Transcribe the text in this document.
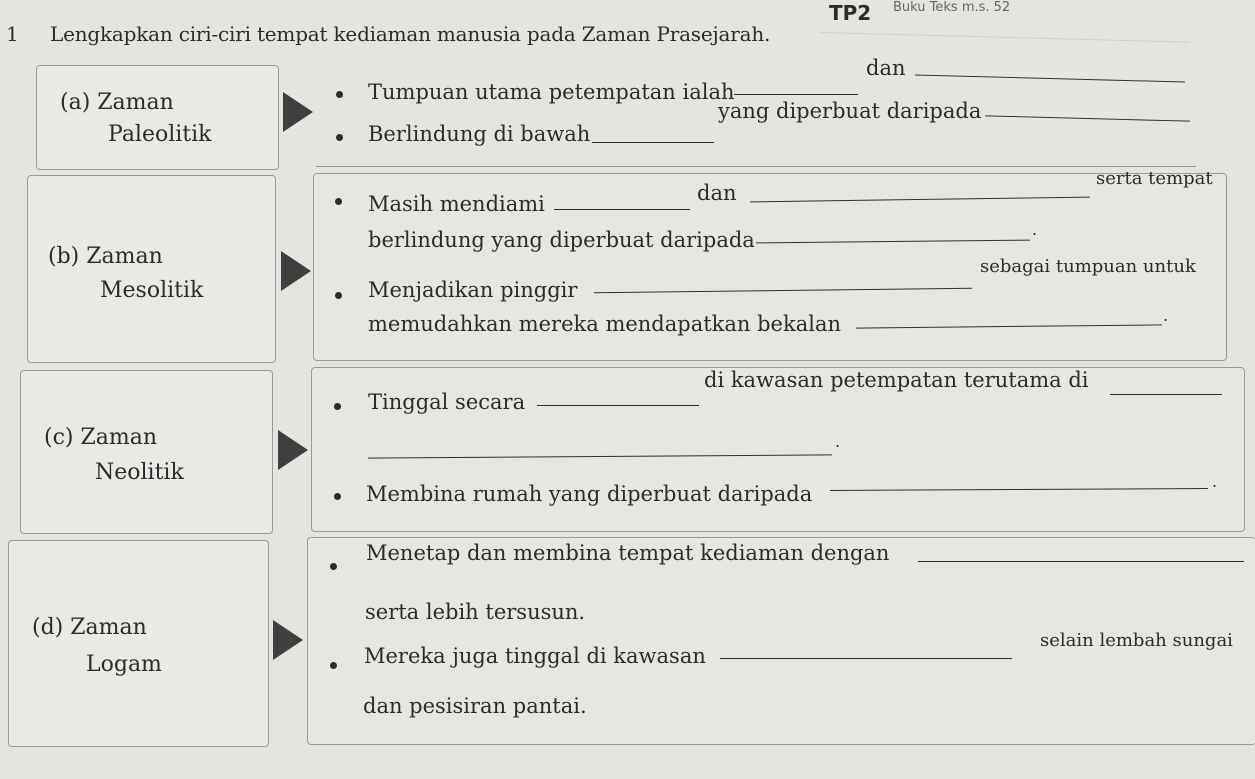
1 Lengkapkan ciri-ciri tempat kediaman manusia pada Zaman Prasejarah.
TP2 Buku Teks m.s. 52
(a) Zaman
Paleolitik
Tumpuan utama petempatan ialah
dan
Berlindung di bawah
yang diperbuat daripada
(b) Zaman
Mesolitik
Masih mendiami	dan
serta tempat
berlindung yang diperbuat daripada	.
Menjadikan pinggir
sebagai tumpuan untuk
memudahkan mereka mendapatkan bekalan	.
(c) Zaman
Neolitik
Tinggal secara
di kawasan petempatan terutama di
.
Membina rumah yang diperbuat daripada
.
(d) Zaman
Logam
Menetap dan membina tempat kediaman dengan
serta lebih tersusun.
Mereka juga tinggal di kawasan
selain lembah sungai
dan pesisiran pantai.
